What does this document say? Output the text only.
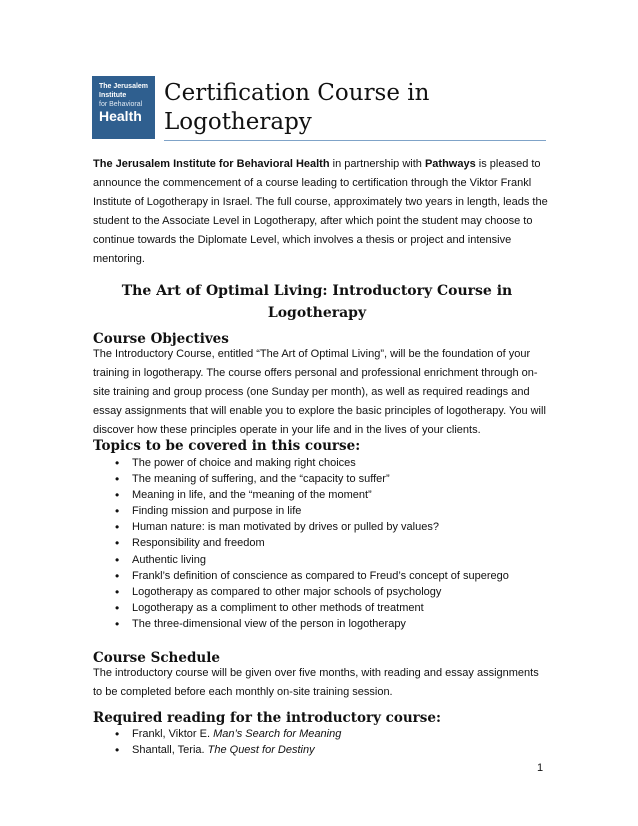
The Jerusalem
Institute
for Behavioral
Health
Certification Course in
Logotherapy
The Jerusalem Institute for Behavioral Health in partnership with Pathways is pleased to announce the commencement of a course leading to certification through the Viktor Frankl Institute of Logotherapy in Israel. The full course, approximately two years in length, leads the student to the Associate Level in Logotherapy, after which point the student may choose to continue towards the Diplomate Level, which involves a thesis or project and intensive mentoring.
The Art of Optimal Living: Introductory Course in Logotherapy
Course Objectives
The Introductory Course, entitled “The Art of Optimal Living”, will be the foundation of your training in logotherapy. The course offers personal and professional enrichment through on-site training and group process (one Sunday per month), as well as required readings and essay assignments that will enable you to explore the basic principles of logotherapy. You will discover how these principles operate in your life and in the lives of your clients.
Topics to be covered in this course:
• The power of choice and making right choices
• The meaning of suffering, and the “capacity to suffer”
• Meaning in life, and the “meaning of the moment”
• Finding mission and purpose in life
• Human nature: is man motivated by drives or pulled by values?
• Responsibility and freedom
• Authentic living
• Frankl’s definition of conscience as compared to Freud’s concept of superego
• Logotherapy as compared to other major schools of psychology
• Logotherapy as a compliment to other methods of treatment
• The three-dimensional view of the person in logotherapy
Course Schedule
The introductory course will be given over five months, with reading and essay assignments to be completed before each monthly on-site training session.
Required reading for the introductory course:
• Frankl, Viktor E. Man’s Search for Meaning
• Shantall, Teria. The Quest for Destiny
1
